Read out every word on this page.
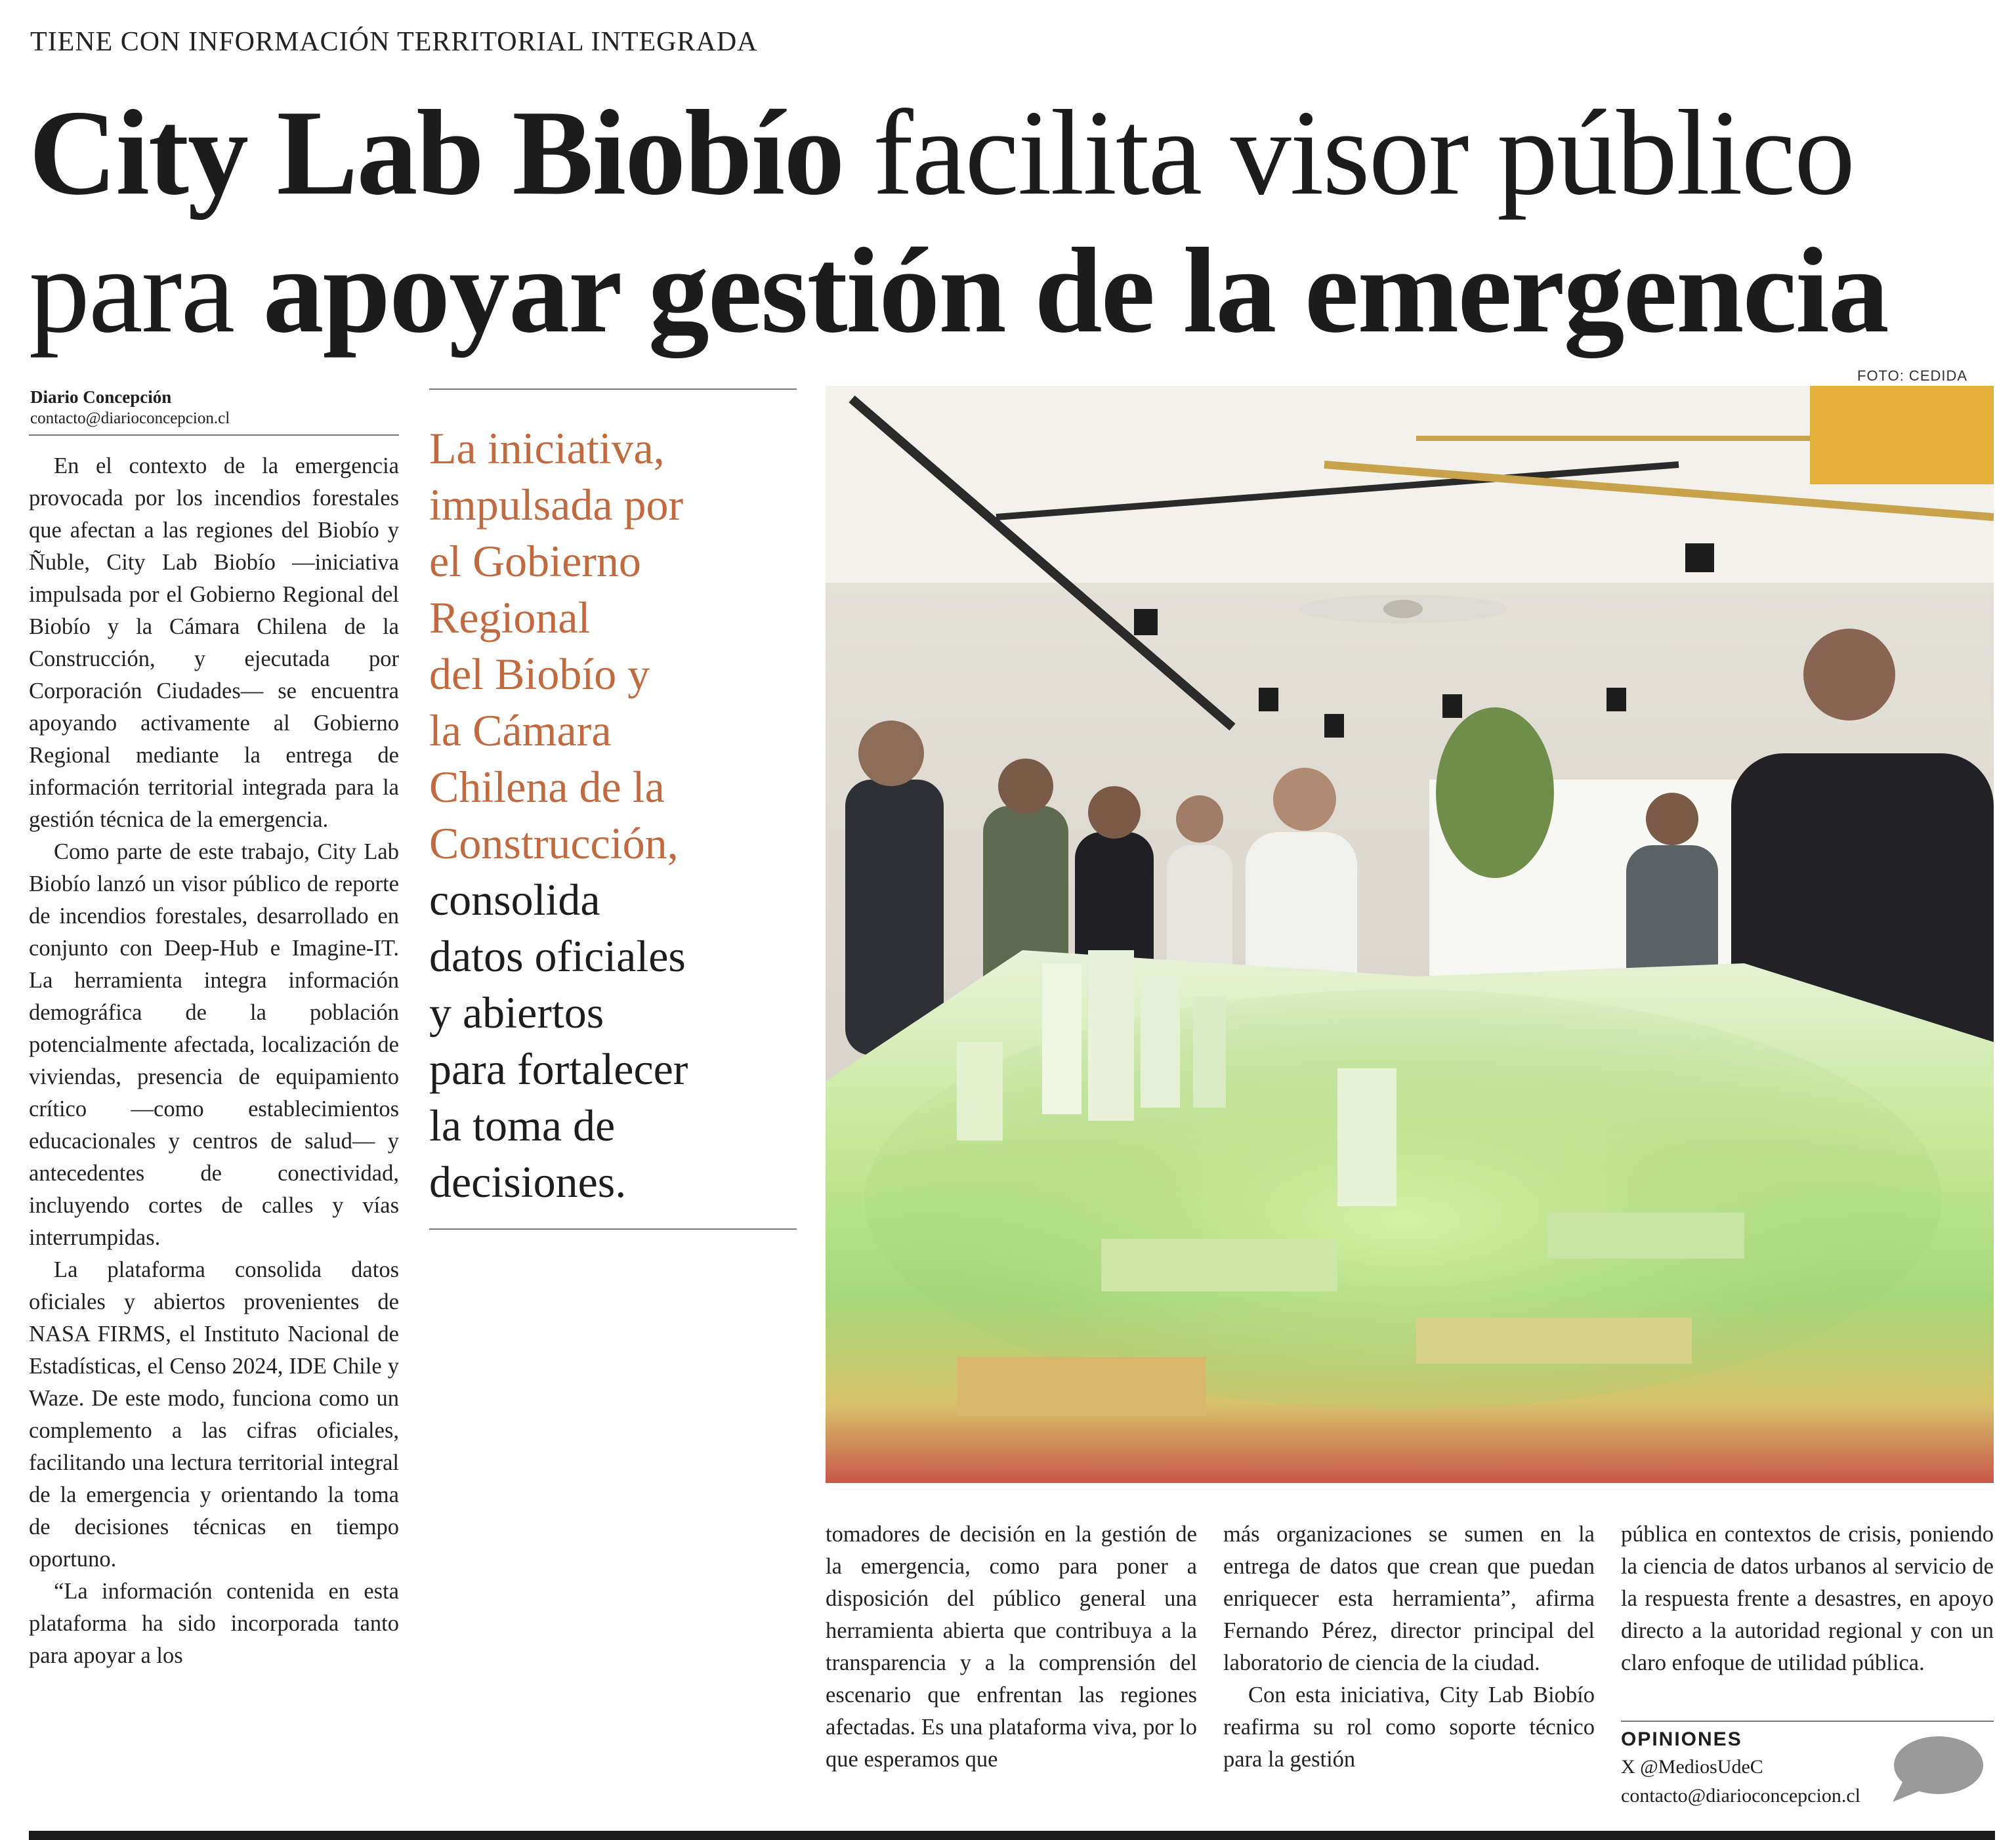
TIENE CON INFORMACIÓN TERRITORIAL INTEGRADA
City Lab Biobío facilita visor público
para apoyar gestión de la emergencia
Diario Concepción
contacto@diarioconcepcion.cl

En el contexto de la emergencia provocada por los incendios forestales que afectan a las regiones del Biobío y Ñuble, City Lab Biobío —iniciativa impulsada por el Gobierno Regional del Biobío y la Cámara Chilena de la Construcción, y ejecutada por Corporación Ciudades— se encuentra apoyando activamente al Gobierno Regional mediante la entrega de información territorial integrada para la gestión técnica de la emergencia.

Como parte de este trabajo, City Lab Biobío lanzó un visor público de reporte de incendios forestales, desarrollado en conjunto con Deep-Hub e Imagine-IT. La herramienta integra información demográfica de la población potencialmente afectada, localización de viviendas, presencia de equipamiento crítico —como establecimientos educacionales y centros de salud— y antecedentes de conectividad, incluyendo cortes de calles y vías interrumpidas.

La plataforma consolida datos oficiales y abiertos provenientes de NASA FIRMS, el Instituto Nacional de Estadísticas, el Censo 2024, IDE Chile y Waze. De este modo, funciona como un complemento a las cifras oficiales, facilitando una lectura territorial integral de la emergencia y orientando la toma de decisiones técnicas en tiempo oportuno.

“La información contenida en esta plataforma ha sido incorporada tanto para apoyar a los

La iniciativa,
impulsada por
el Gobierno
Regional
del Biobío y
la Cámara
Chilena de la
Construcción,
consolida
datos oficiales
y abiertos
para fortalecer
la toma de
decisiones.
FOTO: CEDIDA

tomadores de decisión en la gestión de la emergencia, como para poner a disposición del público general una herramienta abierta que contribuya a la transparencia y a la comprensión del escenario que enfrentan las regiones afectadas. Es una plataforma viva, por lo que esperamos que

más organizaciones se sumen en la entrega de datos que crean que puedan enriquecer esta herramienta”, afirma Fernando Pérez, director principal del laboratorio de ciencia de la ciudad.

Con esta iniciativa, City Lab Biobío reafirma su rol como soporte técnico para la gestión

pública en contextos de crisis, poniendo la ciencia de datos urbanos al servicio de la respuesta frente a desastres, en apoyo directo a la autoridad regional y con un claro enfoque de utilidad pública.

OPINIONES
X @MediosUdeC
contacto@diarioconcepcion.cl
